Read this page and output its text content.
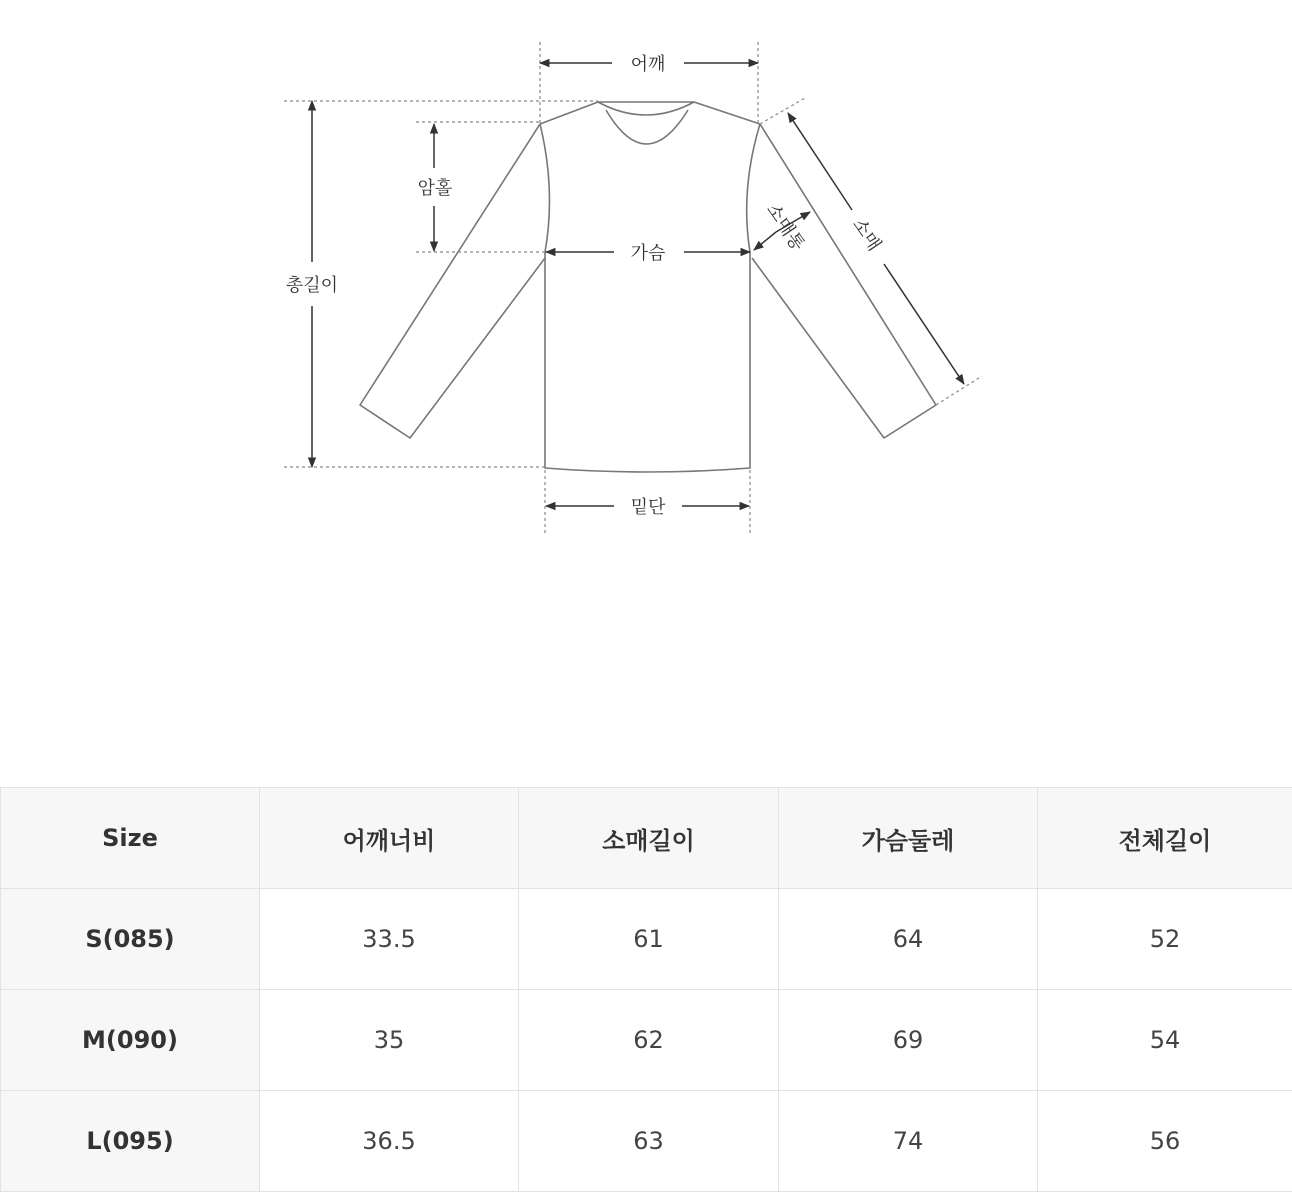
어깨
총길이
암홀
가슴
밑단
소매
소매통
Size	어깨너비	소매길이	가슴둘레	전체길이
S(085)	33.5	61	64	52
M(090)	35	62	69	54
L(095)	36.5	63	74	56
